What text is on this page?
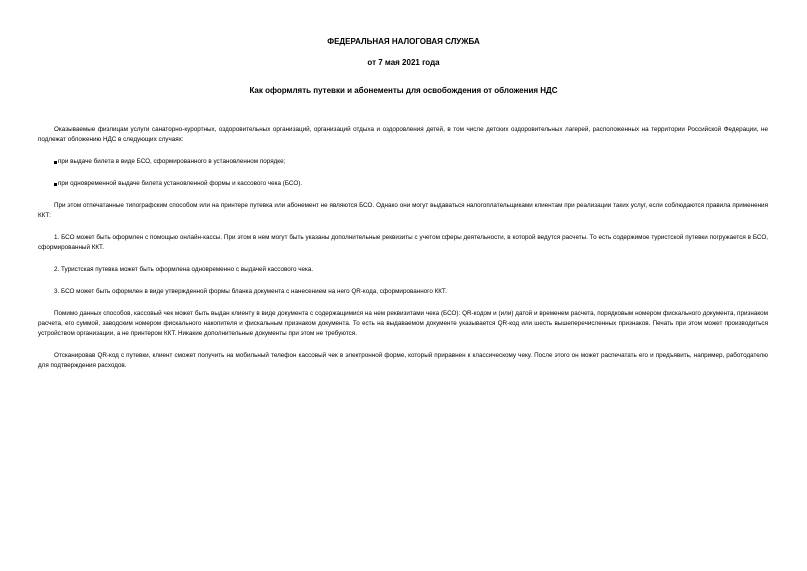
ФЕДЕРАЛЬНАЯ НАЛОГОВАЯ СЛУЖБА
от 7 мая 2021 года
Как оформлять путевки и абонементы для освобождения от обложения НДС

Оказываемые физлицам услуги санаторно-курортных, оздоровительных организаций, организаций отдыха и оздоровления детей, в том числе детских оздоровительных лагерей, расположенных на территории Российской Федерации, не подлежат обложению НДС в следующих случаях:

при выдаче билета в виде БСО, сформированного в установленном порядке;
при одновременной выдаче билета установленной формы и кассового чека (БСО).

При этом отпечатанные типографским способом или на принтере путевка или абонемент не являются БСО. Однако они могут выдаваться налогоплательщиками клиентам при реализации таких услуг, если соблюдаются правила применения ККТ:

1. БСО может быть оформлен с помощью онлайн-кассы. При этом в нем могут быть указаны дополнительные реквизиты с учетом сферы деятельности, в которой ведутся расчеты. То есть содержимое туристской путевки погружается в БСО, сформированный ККТ.

2. Туристская путевка может быть оформлена одновременно с выдачей кассового чека.

3. БСО может быть оформлен в виде утвержденной формы бланка документа с нанесением на него QR-кода, сформированного ККТ.

Помимо данных способов, кассовый чек может быть выдан клиенту в виде документа с содержащимися на нем реквизитами чека (БСО): QR-кодом и (или) датой и временем расчета, порядковым номером фискального документа, признаком расчета, его суммой, заводским номером фискального накопителя и фискальным признаком документа. То есть на выдаваемом документе указывается QR-код или шесть вышеперечисленных признаков. Печать при этом может производиться устройством организации, а не принтером ККТ. Никакие дополнительные документы при этом не требуются.

Отсканировав QR-код с путевки, клиент сможет получить на мобильный телефон кассовый чек в электронной форме, который приравнен к классическому чеку. После этого он может распечатать его и предъявить, например, работодателю для подтверждения расходов.
